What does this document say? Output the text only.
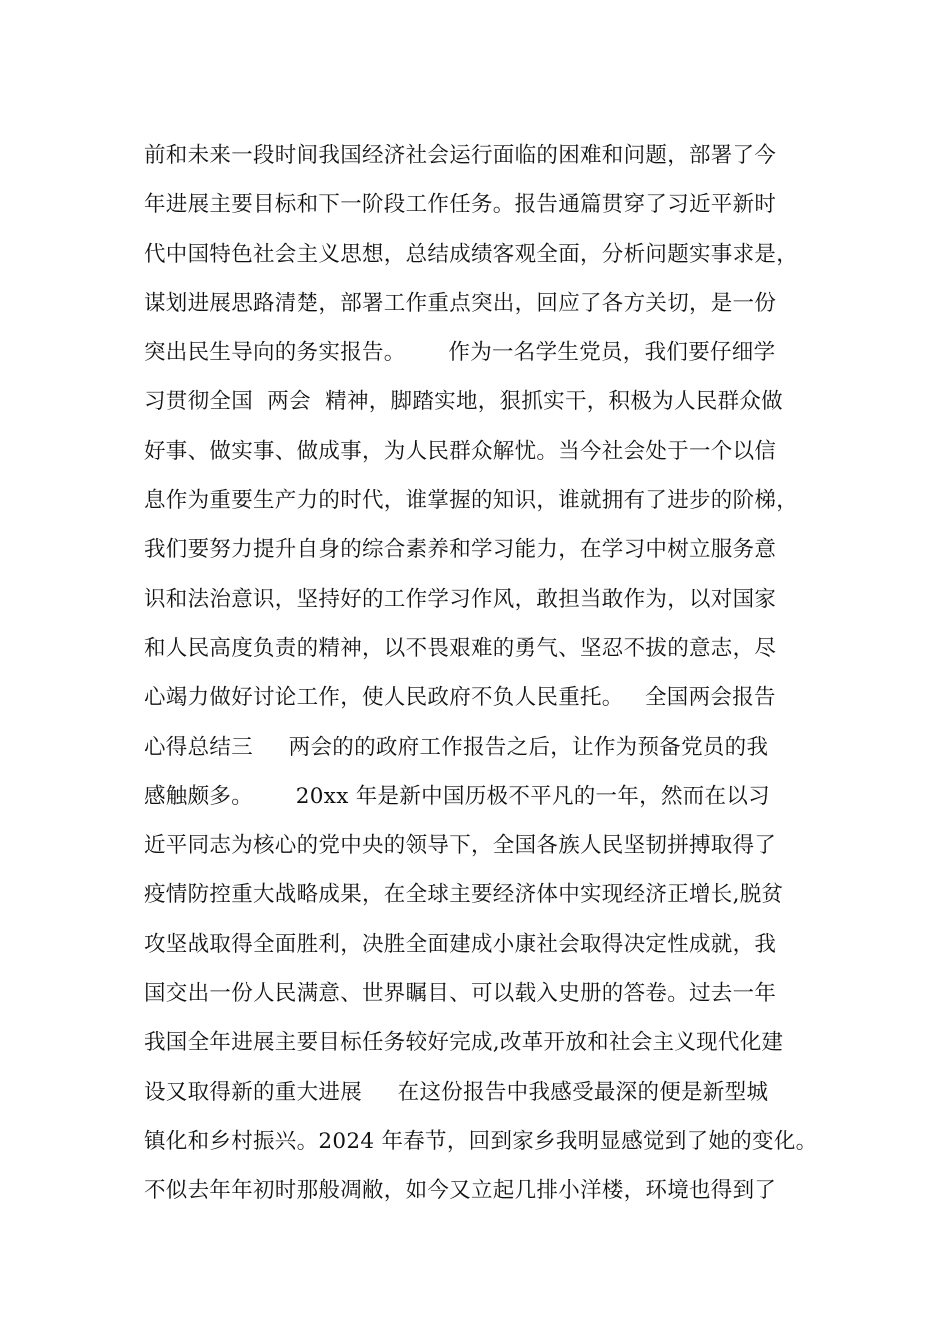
前和未来一段时间我国经济社会运行面临的困难和问题，部署了今
年进展主要目标和下一阶段工作任务。报告通篇贯穿了习近平新时
代中国特色社会主义思想，总结成绩客观全面，分析问题实事求是，
谋划进展思路清楚，部署工作重点突出，回应了各方关切，是一份
突出民生导向的务实报告。      作为一名学生党员，我们要仔细学
习贯彻全国  两会  精神，脚踏实地，狠抓实干，积极为人民群众做
好事、做实事、做成事，为人民群众解忧。当今社会处于一个以信
息作为重要生产力的时代，谁掌握的知识，谁就拥有了进步的阶梯，
我们要努力提升自身的综合素养和学习能力，在学习中树立服务意
识和法治意识，坚持好的工作学习作风，敢担当敢作为，以对国家
和人民高度负责的精神，以不畏艰难的勇气、坚忍不拔的意志，尽
心竭力做好讨论工作，使人民政府不负人民重托。   全国两会报告
心得总结三     两会的的政府工作报告之后，让作为预备党员的我
感触颇多。      20xx 年是新中国历极不平凡的一年，然而在以习
近平同志为核心的党中央的领导下，全国各族人民坚韧拼搏取得了
疫情防控重大战略成果，在全球主要经济体中实现经济正增长,脱贫
攻坚战取得全面胜利，决胜全面建成小康社会取得决定性成就，我
国交出一份人民满意、世界瞩目、可以载入史册的答卷。过去一年
我国全年进展主要目标任务较好完成,改革开放和社会主义现代化建
设又取得新的重大进展     在这份报告中我感受最深的便是新型城
镇化和乡村振兴。2024 年春节，回到家乡我明显感觉到了她的变化。
不似去年年初时那般凋敝，如今又立起几排小洋楼，环境也得到了
